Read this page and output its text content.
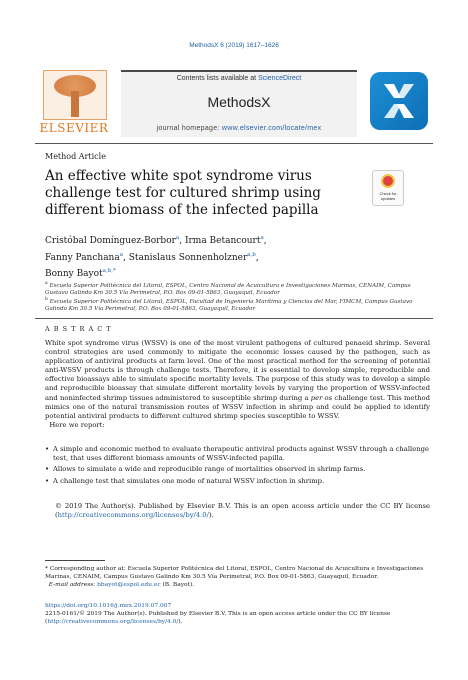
MethodsX 6 (2019) 1617–1626
ELSEVIER
Contents lists available at ScienceDirect
MethodsX
journal homepage: www.elsevier.com/locate/mex
Method Article
An effective white spot syndrome virus challenge test for cultured shrimp using different biomass of the infected papilla
Check for updates
Cristóbal Domínguez-Borbor$^a$, Irma Betancourt$^a$,
Fanny Panchana$^a$, Stanislaus Sonnenholzner$^{a,b}$,
Bonny Bayot$^{a,b,*}$
$^a$ Escuela Superior Politécnica del Litoral, ESPOL, Centro Nacional de Acuicultura e Investigaciones Marinas, CENAIM, Campus Gustavo Galindo Km 30.5 Vía Perimetral, P.O. Box 09-01-5863, Guayaquil, Ecuador
$^b$ Escuela Superior Politécnica del Litoral, ESPOL, Facultad de Ingeniería Marítima y Ciencias del Mar, FIMCM, Campus Gustavo Galindo Km 30.5 Vía Perimetral, P.O. Box 09-01-5863, Guayaquil, Ecuador
A B S T R A C T
White spot syndrome virus (WSSV) is one of the most virulent pathogens of cultured penaeid shrimp. Several control strategies are used commonly to mitigate the economic losses caused by the pathogen, such as application of antiviral products at farm level. One of the most practical method for the screening of potential anti-WSSV products is through challenge tests. Therefore, it is essential to develop simple, reproducible and effective bioassays able to simulate specific mortality levels. The purpose of this study was to develop a simple and reproducible bioassay that simulate different mortality levels by varying the proportion of WSSV-infected and noninfected shrimp tissues administered to susceptible shrimp during a per os challenge test. This method mimics one of the natural transmission routes of WSSV infection in shrimp and could be applied to identify potential antiviral products to different cultured shrimp species susceptible to WSSV.
Here we report:
• A simple and economic method to evaluate therapeutic antiviral products against WSSV through a challenge test, that uses different biomass amounts of WSSV-infected papilla.
• Allows to simulate a wide and reproducible range of mortalities observed in shrimp farms.
• A challenge test that simulates one mode of natural WSSV infection in shrimp.
© 2019 The Author(s). Published by Elsevier B.V. This is an open access article under the CC BY license (http://creativecommons.org/licenses/by/4.0/).
* Corresponding author at: Escuela Superior Politécnica del Litoral, ESPOL, Centro Nacional de Acuicultura e Investigaciones Marinas, CENAIM, Campus Gustavo Galindo Km 30.5 Vía Perimetral, P.O. Box 09-01-5863, Guayaquil, Ecuador.
E-mail address: bbayot@espol.edu.ec (B. Bayot).
https://doi.org/10.1016/j.mex.2019.07.007
2215-0161/© 2019 The Author(s). Published by Elsevier B.V. This is an open access article under the CC BY license (http://creativecommons.org/licenses/by/4.0/).
